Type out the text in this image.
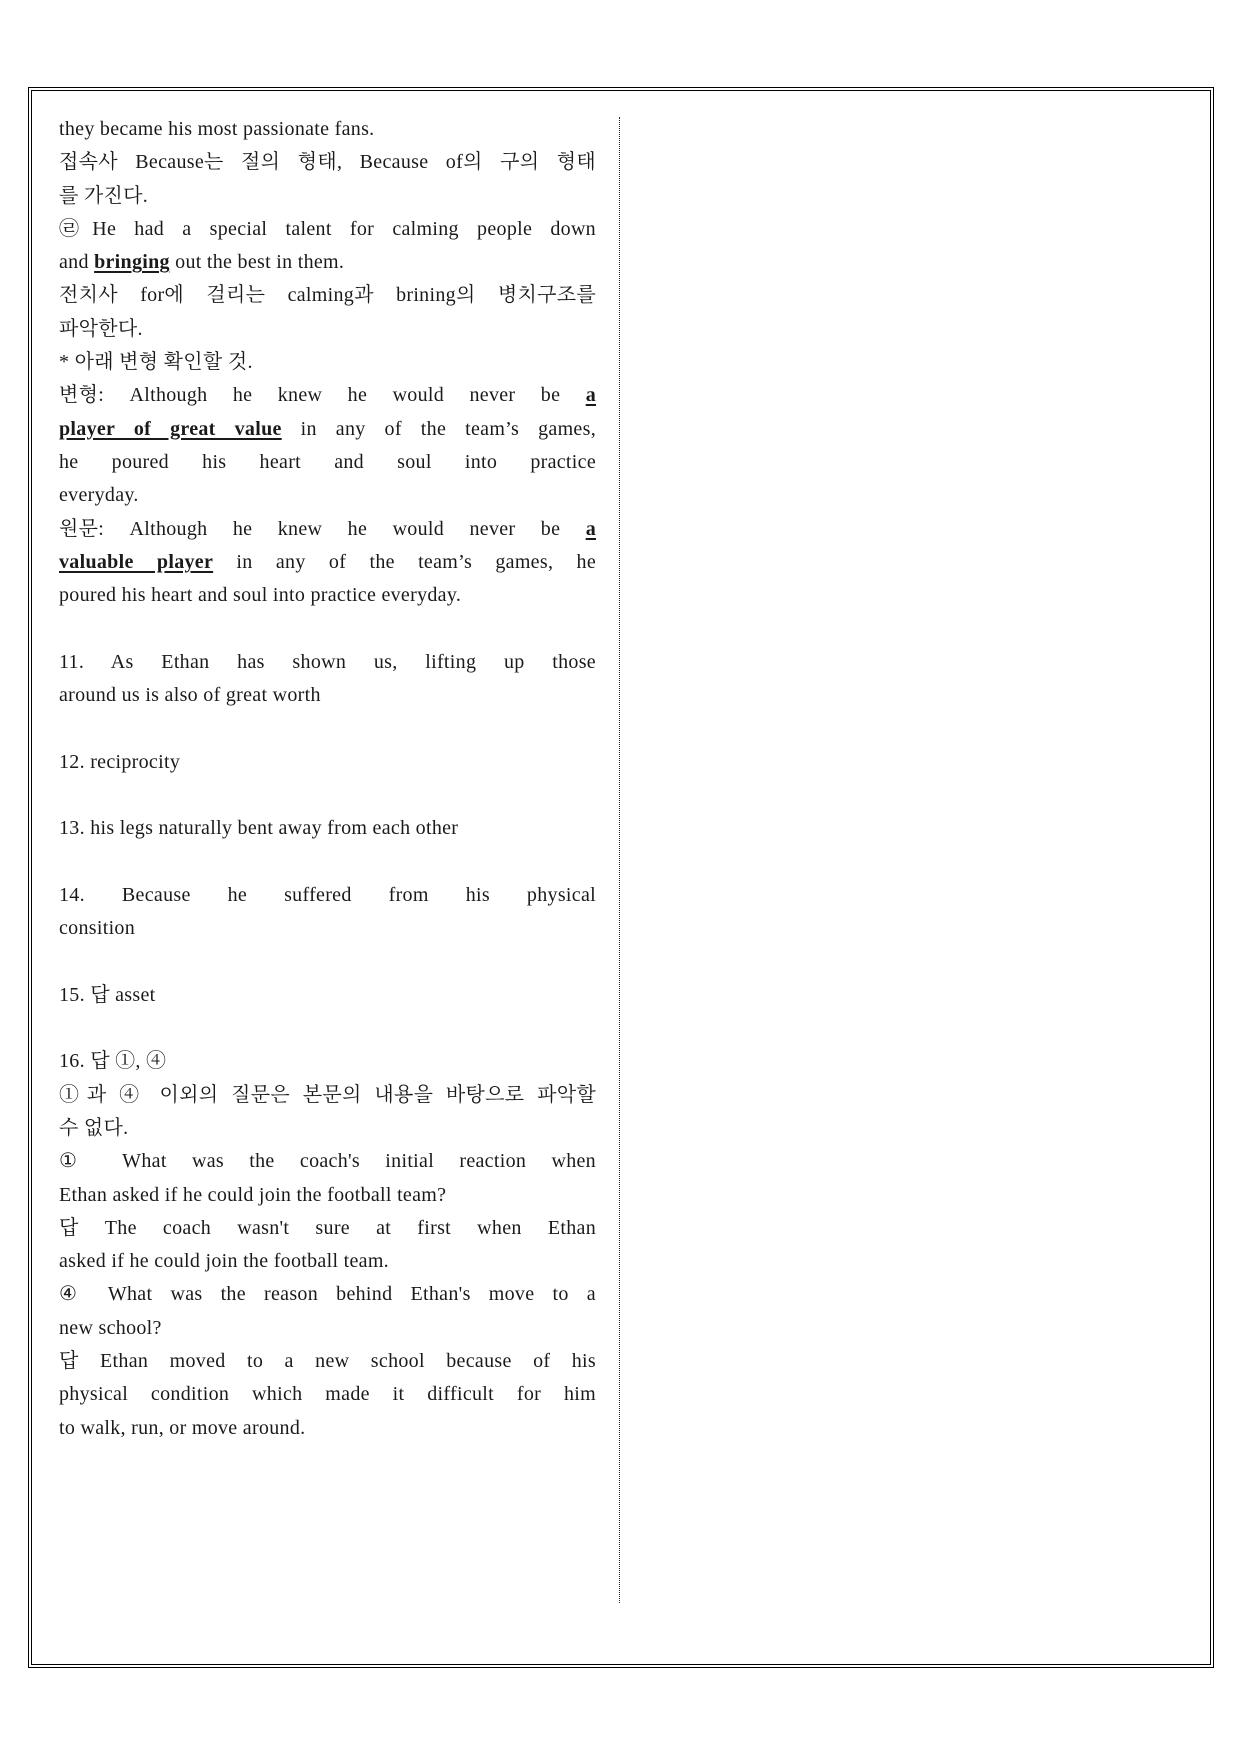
they became his most passionate fans.
접속사 Because는 절의 형태, Because of의 구의 형태
를 가진다.
㉣He had a special talent for calming people down
and bringing out the best in them.
전치사 for에 걸리는 calming과 brining의 병치구조를
파악한다.
* 아래 변형 확인할 것.
변형: Although he knew he would never be a
player of great value in any of the team’s games,
he poured his heart and soul into practice
everyday.
원문: Although he knew he would never be a
valuable player in any of the team’s games, he
poured his heart and soul into practice everyday.
11. As Ethan has shown us, lifting up those
around us is also of great worth
12. reciprocity
13. his legs naturally bent away from each other
14. Because he suffered from his physical
consition
15. 답 asset
16. 답 ①, ④
①과 ④ 이외의 질문은 본문의 내용을 바탕으로 파악할
수 없다.
① What was the coach's initial reaction when
Ethan asked if he could join the football team?
답 The coach wasn't sure at first when Ethan
asked if he could join the football team.
④ What was the reason behind Ethan's move to a
new school?
답 Ethan moved to a new school because of his
physical condition which made it difficult for him
to walk, run, or move around.
